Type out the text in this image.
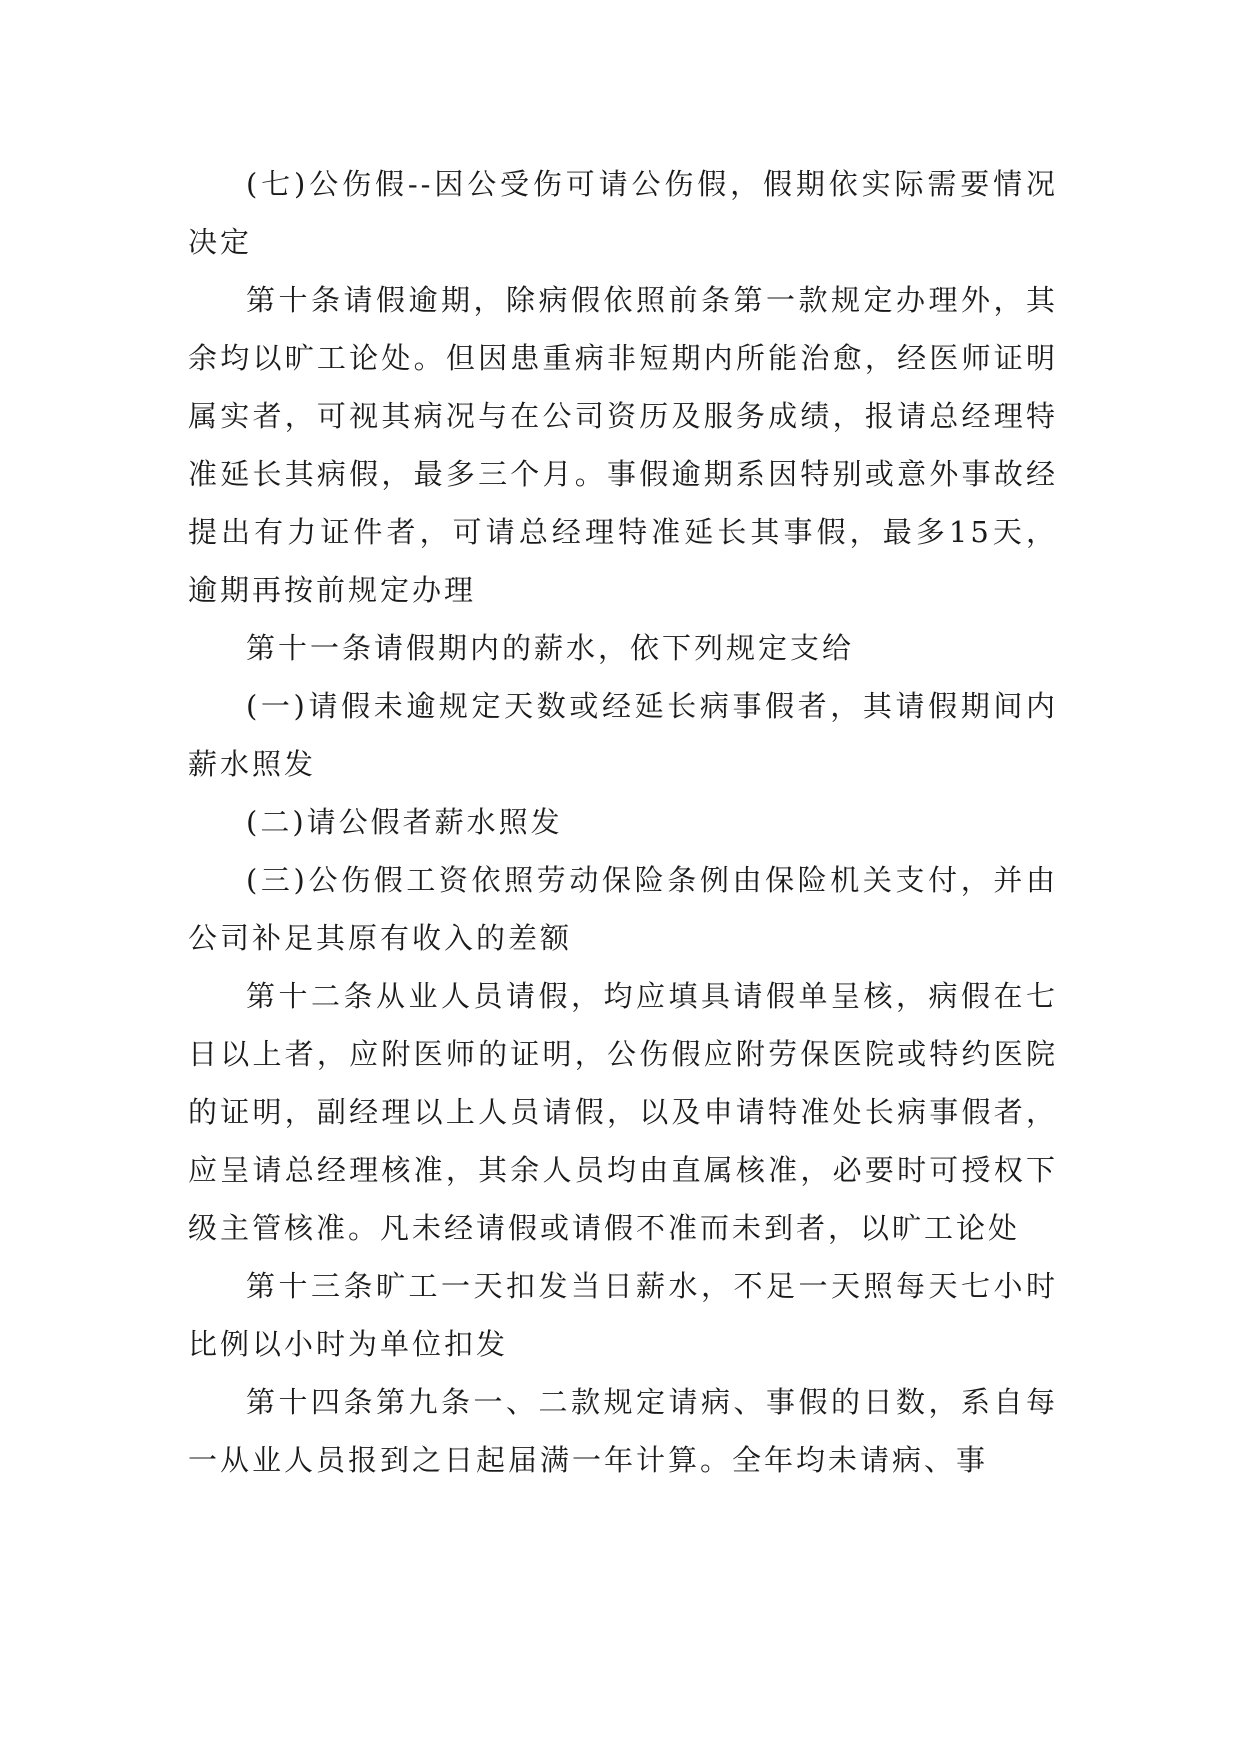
(七)公伤假--因公受伤可请公伤假，假期依实际需要情况决定

第十条请假逾期，除病假依照前条第一款规定办理外，其余均以旷工论处。但因患重病非短期内所能治愈，经医师证明属实者，可视其病况与在公司资历及服务成绩，报请总经理特准延长其病假，最多三个月。事假逾期系因特别或意外事故经提出有力证件者，可请总经理特准延长其事假，最多15天，逾期再按前规定办理

第十一条请假期内的薪水，依下列规定支给

(一)请假未逾规定天数或经延长病事假者，其请假期间内薪水照发

(二)请公假者薪水照发

(三)公伤假工资依照劳动保险条例由保险机关支付，并由公司补足其原有收入的差额

第十二条从业人员请假，均应填具请假单呈核，病假在七日以上者，应附医师的证明，公伤假应附劳保医院或特约医院的证明，副经理以上人员请假，以及申请特准处长病事假者，应呈请总经理核准，其余人员均由直属核准，必要时可授权下级主管核准。凡未经请假或请假不准而未到者，以旷工论处

第十三条旷工一天扣发当日薪水，不足一天照每天七小时比例以小时为单位扣发

第十四条第九条一、二款规定请病、事假的日数，系自每一从业人员报到之日起届满一年计算。全年均未请病、事
